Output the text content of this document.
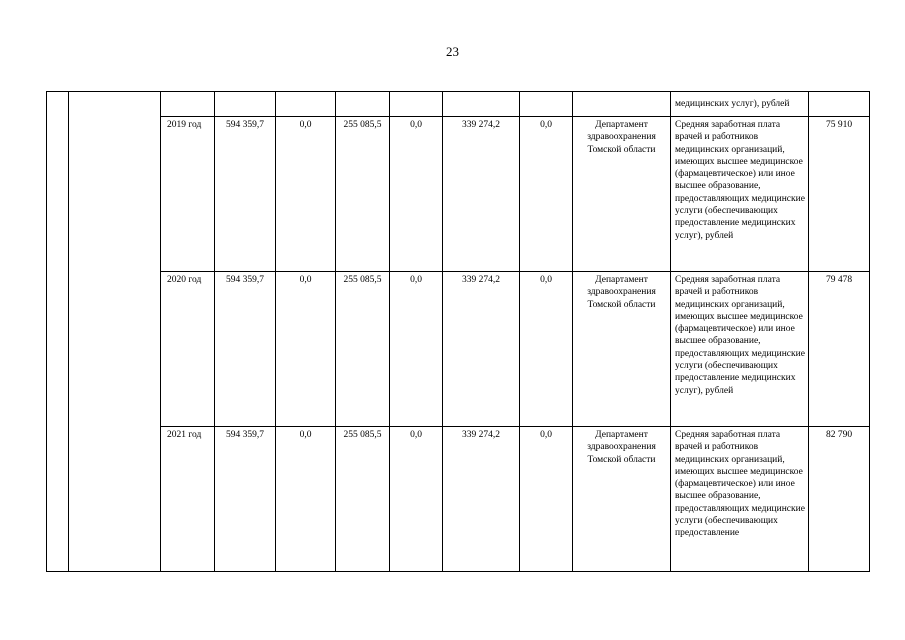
23

										медицинских услуг), рублей	

		2019 год	594 359,7	0,0	255 085,5	0,0	339 274,2	0,0	Департамент здравоохранения Томской области	Средняя заработная плата врачей и работников медицинских организаций, имеющих высшее медицинское (фармацевтическое) или иное высшее образование, предоставляющих медицинские услуги (обеспечивающих предоставление медицинских услуг), рублей	75 910

		2020 год	594 359,7	0,0	255 085,5	0,0	339 274,2	0,0	Департамент здравоохранения Томской области	Средняя заработная плата врачей и работников медицинских организаций, имеющих высшее медицинское (фармацевтическое) или иное высшее образование, предоставляющих медицинские услуги (обеспечивающих предоставление медицинских услуг), рублей	79 478

		2021 год	594 359,7	0,0	255 085,5	0,0	339 274,2	0,0	Департамент здравоохранения Томской области	Средняя заработная плата врачей и работников медицинских организаций, имеющих высшее медицинское (фармацевтическое) или иное высшее образование, предоставляющих медицинские услуги (обеспечивающих предоставление	82 790
